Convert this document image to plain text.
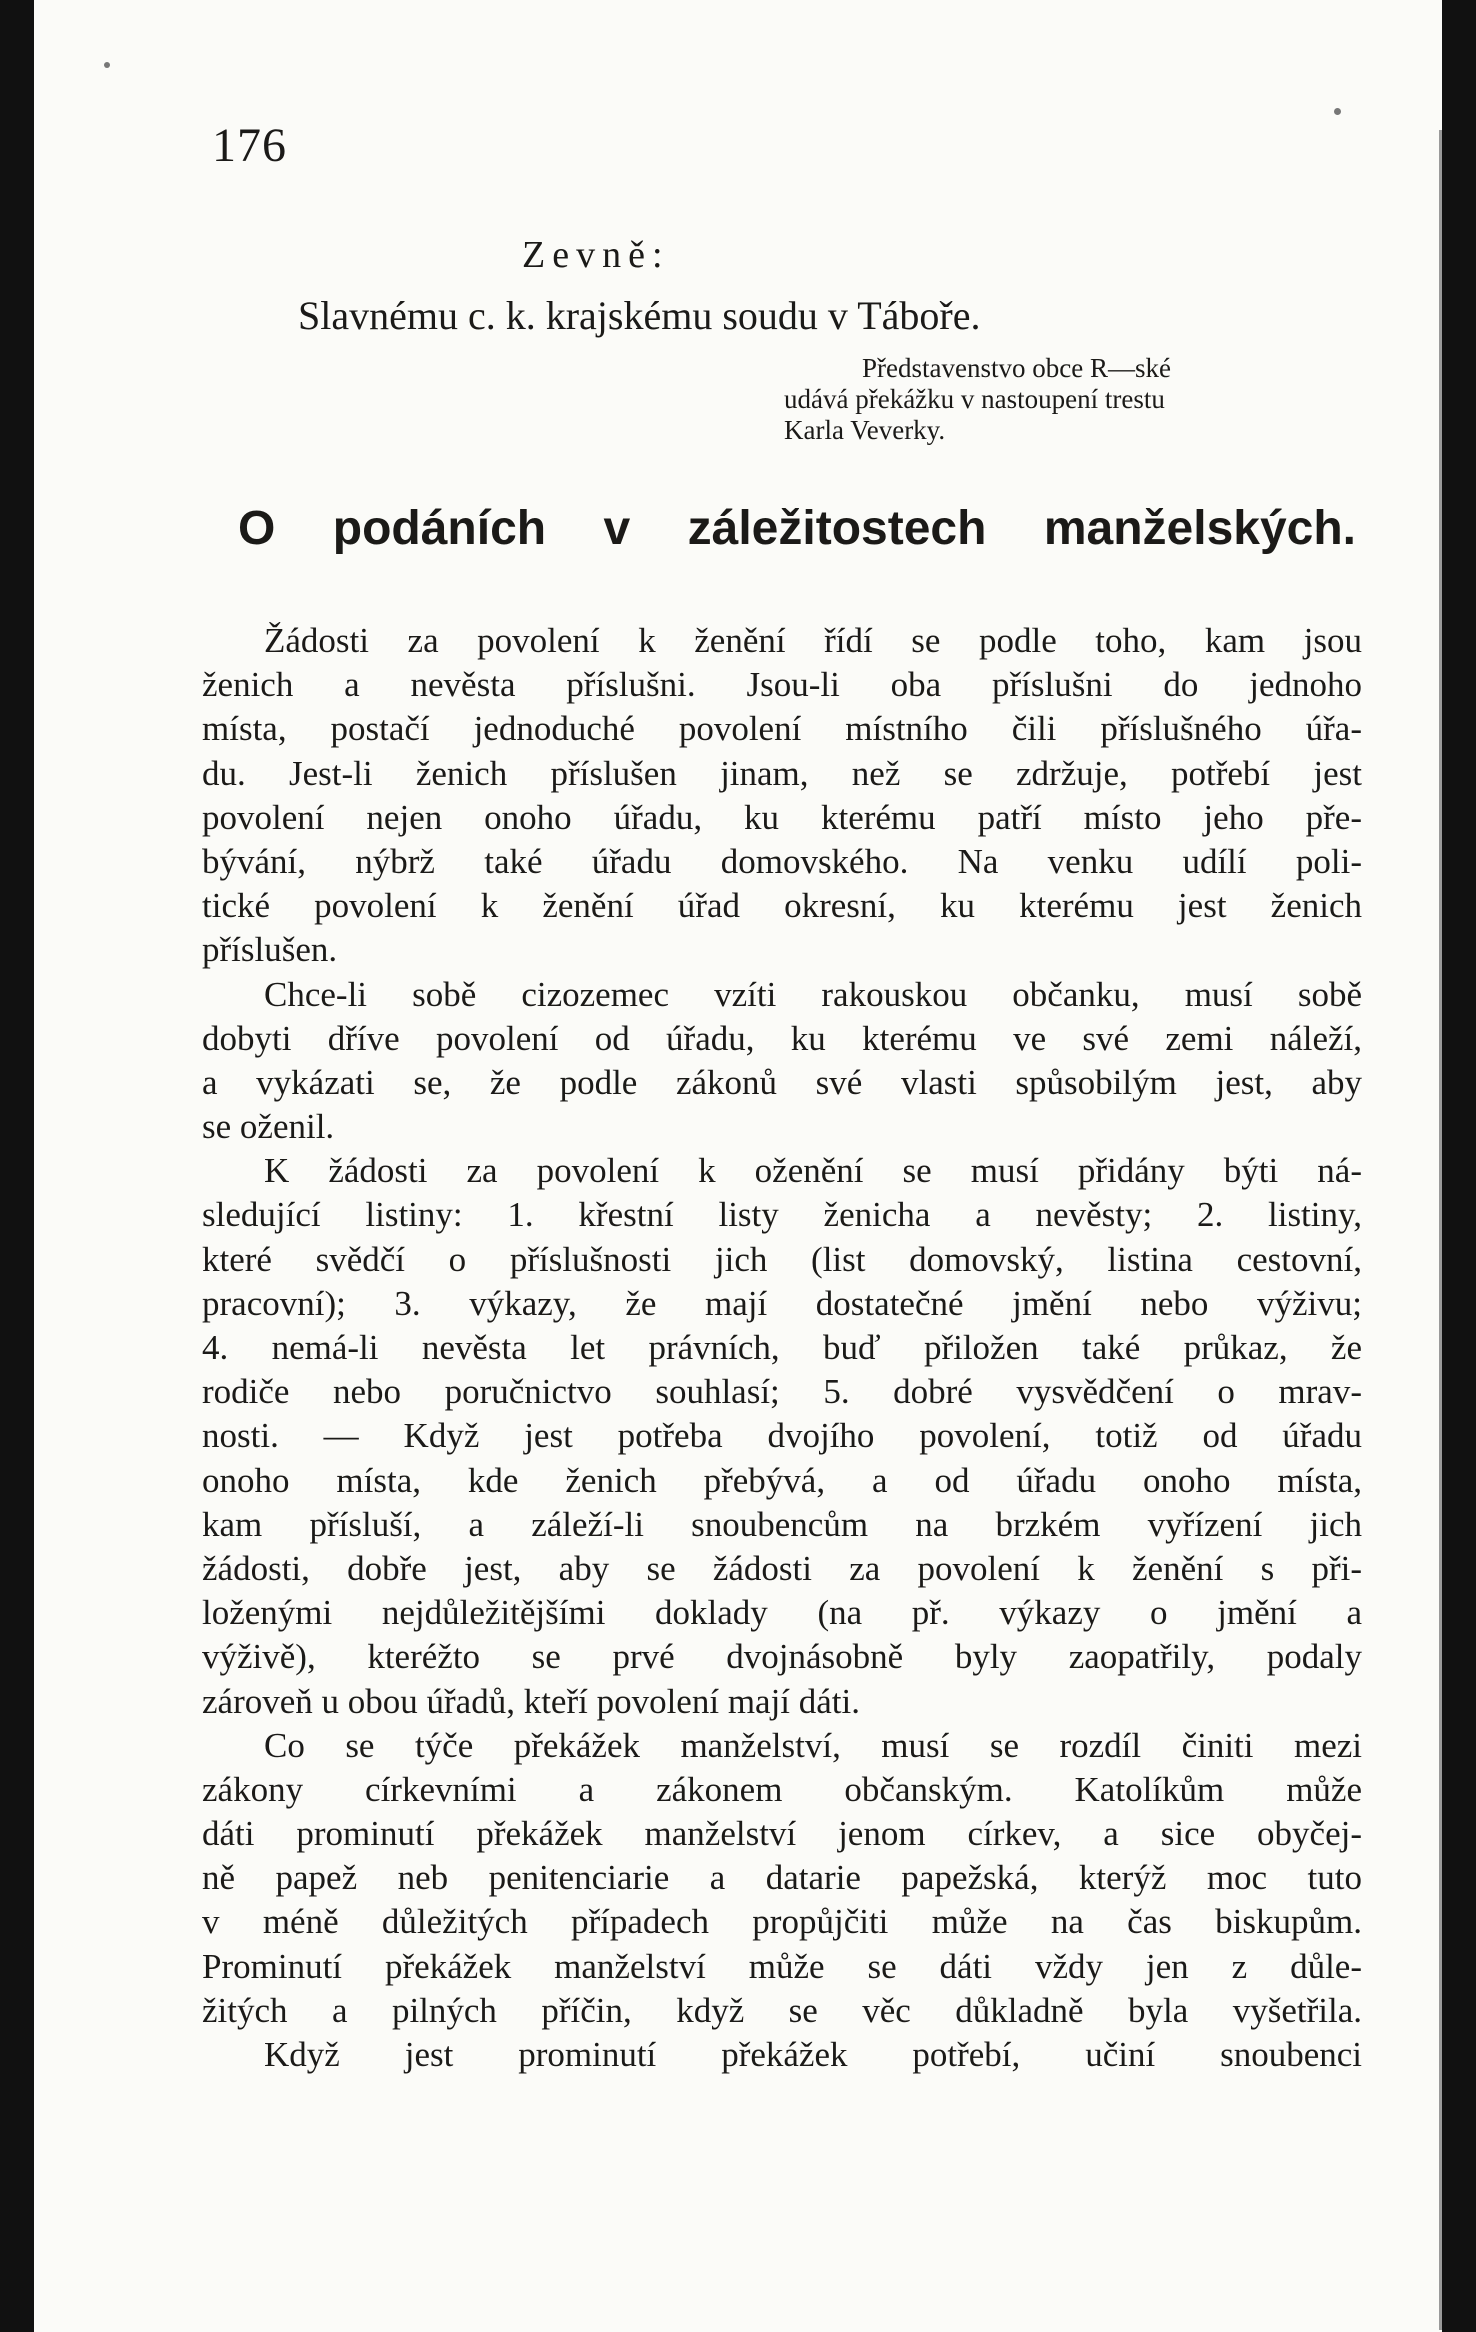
176
Zevně:
Slavnému c. k. krajskému soudu v Táboře.
Představenstvo obce R—ské
udává překážku v nastoupení trestu
Karla Veverky.
O podáních v záležitostech manželských.
Žádosti za povolení k ženění řídí se podle toho, kam jsou
ženich a nevěsta příslušni. Jsou-li oba příslušni do jednoho
místa, postačí jednoduché povolení místního čili příslušného úřa-
du. Jest-li ženich příslušen jinam, než se zdržuje, potřebí jest
povolení nejen onoho úřadu, ku kterému patří místo jeho pře-
bývání, nýbrž také úřadu domovského. Na venku udílí poli-
tické povolení k ženění úřad okresní, ku kterému jest ženich
příslušen.
Chce-li sobě cizozemec vzíti rakouskou občanku, musí sobě
dobyti dříve povolení od úřadu, ku kterému ve své zemi náleží,
a vykázati se, že podle zákonů své vlasti spůsobilým jest, aby
se oženil.
K žádosti za povolení k oženění se musí přidány býti ná-
sledující listiny: 1. křestní listy ženicha a nevěsty; 2. listiny,
které svědčí o příslušnosti jich (list domovský, listina cestovní,
pracovní); 3. výkazy, že mají dostatečné jmění nebo výživu;
4. nemá-li nevěsta let právních, buď přiložen také průkaz, že
rodiče nebo poručnictvo souhlasí; 5. dobré vysvědčení o mrav-
nosti. — Když jest potřeba dvojího povolení, totiž od úřadu
onoho místa, kde ženich přebývá, a od úřadu onoho místa,
kam přísluší, a záleží-li snoubencům na brzkém vyřízení jich
žádosti, dobře jest, aby se žádosti za povolení k ženění s při-
loženými nejdůležitějšími doklady (na př. výkazy o jmění a
výživě), kteréžto se prvé dvojnásobně byly zaopatřily, podaly
zároveň u obou úřadů, kteří povolení mají dáti.
Co se týče překážek manželství, musí se rozdíl činiti mezi
zákony církevními a zákonem občanským. Katolíkům může
dáti prominutí překážek manželství jenom církev, a sice obyčej-
ně papež neb penitenciarie a datarie papežská, kterýž moc tuto
v méně důležitých případech propůjčiti může na čas biskupům.
Prominutí překážek manželství může se dáti vždy jen z důle-
žitých a pilných příčin, když se věc důkladně byla vyšetřila.
Když jest prominutí překážek potřebí, učiní snoubenci
